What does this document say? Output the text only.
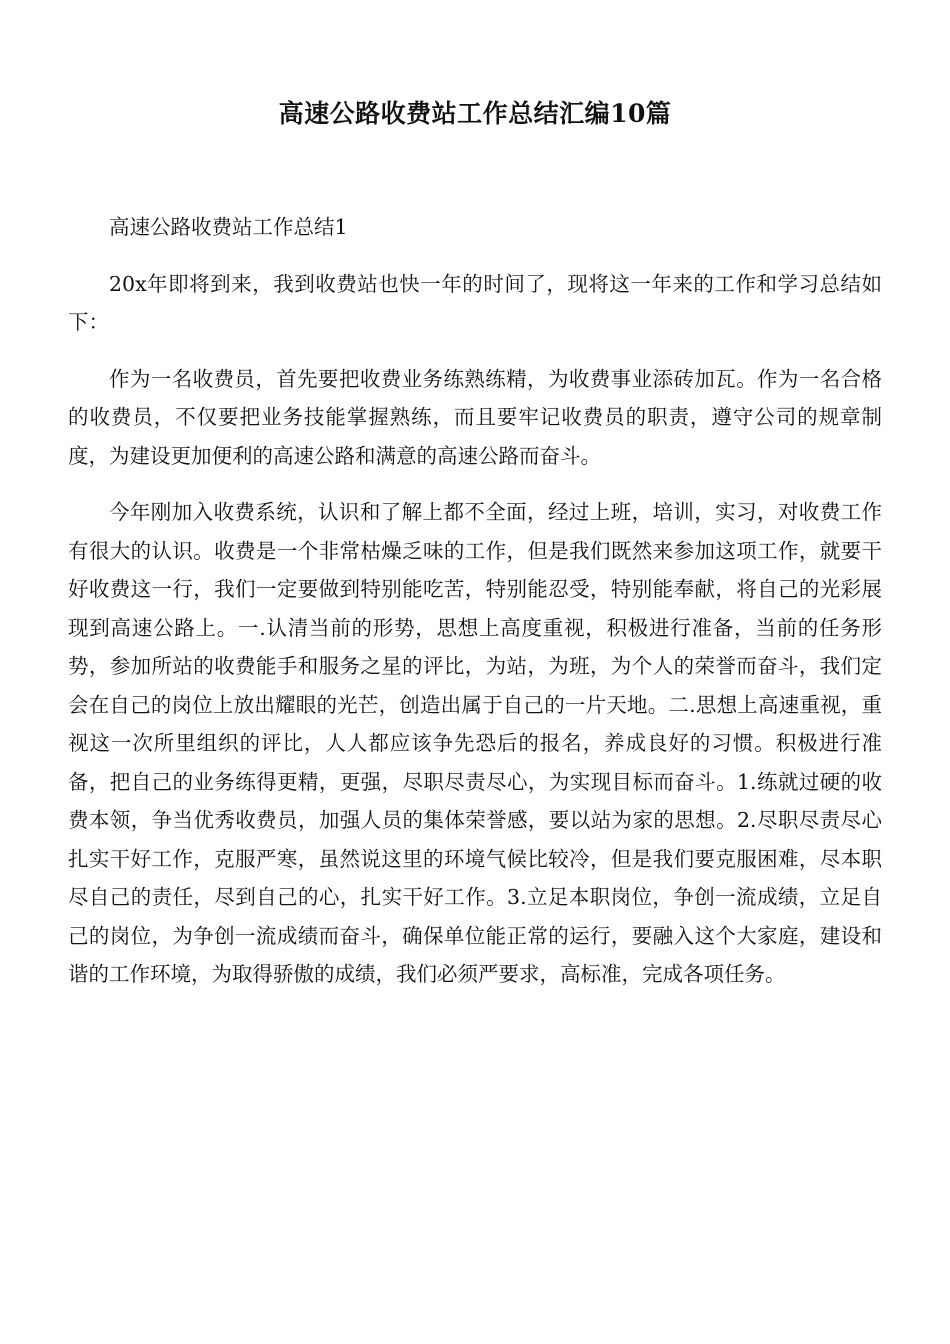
高速公路收费站工作总结汇编10篇

高速公路收费站工作总结1

20x年即将到来，我到收费站也快一年的时间了，现将这一年来的工作和学习总结如下：

作为一名收费员，首先要把收费业务练熟练精，为收费事业添砖加瓦。作为一名合格的收费员，不仅要把业务技能掌握熟练，而且要牢记收费员的职责，遵守公司的规章制度，为建设更加便利的高速公路和满意的高速公路而奋斗。

今年刚加入收费系统，认识和了解上都不全面，经过上班，培训，实习，对收费工作有很大的认识。收费是一个非常枯燥乏味的工作，但是我们既然来参加这项工作，就要干好收费这一行，我们一定要做到特别能吃苦，特别能忍受，特别能奉献，将自己的光彩展现到高速公路上。一.认清当前的形势，思想上高度重视，积极进行准备，当前的任务形势，参加所站的收费能手和服务之星的评比，为站，为班，为个人的荣誉而奋斗，我们定会在自己的岗位上放出耀眼的光芒，创造出属于自己的一片天地。二.思想上高速重视，重视这一次所里组织的评比，人人都应该争先恐后的报名，养成良好的习惯。积极进行准备，把自己的业务练得更精，更强，尽职尽责尽心，为实现目标而奋斗。1.练就过硬的收费本领，争当优秀收费员，加强人员的集体荣誉感，要以站为家的思想。2.尽职尽责尽心扎实干好工作，克服严寒，虽然说这里的环境气候比较冷，但是我们要克服困难，尽本职尽自己的责任，尽到自己的心，扎实干好工作。3.立足本职岗位，争创一流成绩，立足自己的岗位，为争创一流成绩而奋斗，确保单位能正常的运行，要融入这个大家庭，建设和谐的工作环境，为取得骄傲的成绩，我们必须严要求，高标准，完成各项任务。
